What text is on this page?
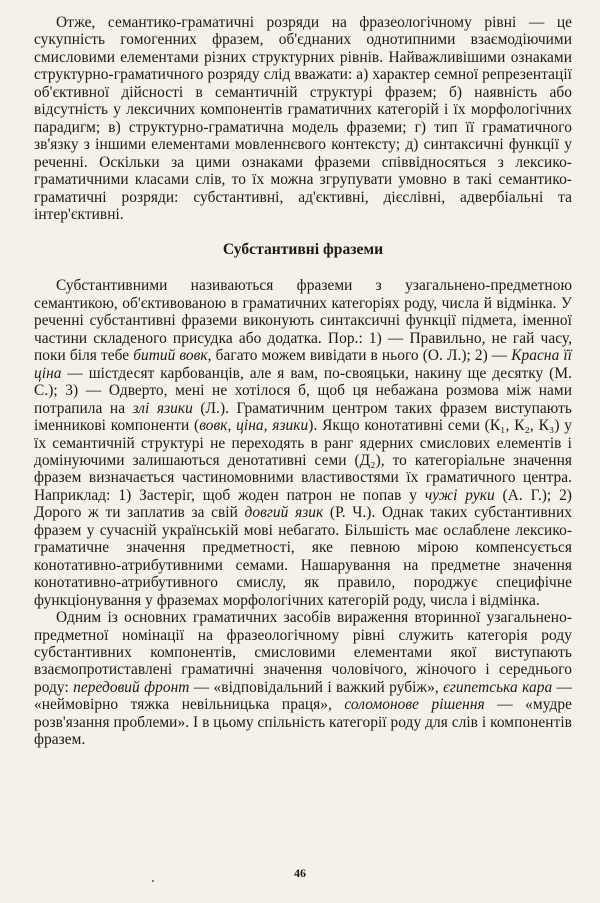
Отже, семантико-граматичні розряди на фразеологічному рівні — це сукупність гомогенних фразем, об'єднаних однотипними взаємодіючими смисловими елементами різних структурних рівнів. Найважливішими ознаками структурно-граматичного розряду слід вважати: а) характер семної репрезентації об'єктивної дійсності в семантичній структурі фразем; б) наявність або відсутність у лексичних компонентів граматичних категорій і їх морфологічних парадигм; в) структурно-граматична модель фраземи; г) тип її граматичного зв'язку з іншими елементами мовленнєвого контексту; д) синтаксичні функції у реченні. Оскільки за цими ознаками фраземи співвідносяться з лексико-граматичними класами слів, то їх можна згрупувати умовно в такі семантико-граматичні розряди: субстантивні, ад'єктивні, дієслівні, адвербіальні та інтер'єктивні.

Субстантивні фраземи

Субстантивними називаються фраземи з узагальнено-предметною семантикою, об'єктивованою в граматичних категоріях роду, числа й відмінка. У реченні субстантивні фраземи виконують синтаксичні функції підмета, іменної частини складеного присудка або додатка. Пор.: 1) — Правильно, не гай часу, поки біля тебе битий вовк, багато можем вивідати в нього (О. Л.); 2) — Красна її ціна — шістдесят карбованців, але я вам, по-свояцьки, накину ще десятку (М. С.); 3) — Одверто, мені не хотілося б, щоб ця небажана розмова між нами потрапила на злі язики (Л.). Граматичним центром таких фразем виступають іменникові компоненти (вовк, ціна, язики). Якщо конотативні семи (К₁, К₂, К₃) у їх семантичній структурі не переходять в ранг ядерних смислових елементів і домінуючими залишаються денотативні семи (Д₂), то категоріальне значення фразем визначається частиномовними властивостями їх граматичного центра. Наприклад: 1) Застеріг, щоб жоден патрон не попав у чужі руки (А. Г.); 2) Дорого ж ти заплатив за свій довгий язик (Р. Ч.). Однак таких субстантивних фразем у сучасній українській мові небагато. Більшість має ослаблене лексико-граматичне значення предметності, яке певною мірою компенсується конотативно-атрибутивними семами. Нашарування на предметне значення конотативно-атрибутивного смислу, як правило, породжує специфічне функціонування у фраземах морфологічних категорій роду, числа і відмінка.

Одним із основних граматичних засобів вираження вторинної узагальнено-предметної номінації на фразеологічному рівні служить категорія роду субстантивних компонентів, смисловими елементами якої виступають взаємопротиставлені граматичні значення чоловічого, жіночого і середнього роду: передовий фронт — «відповідальний і важкий рубіж», єгипетська кара — «неймовірно тяжка невільницька праця», соломонове рішення — «мудре розв'язання проблеми». І в цьому спільність категорії роду для слів і компонентів фразем.

46
